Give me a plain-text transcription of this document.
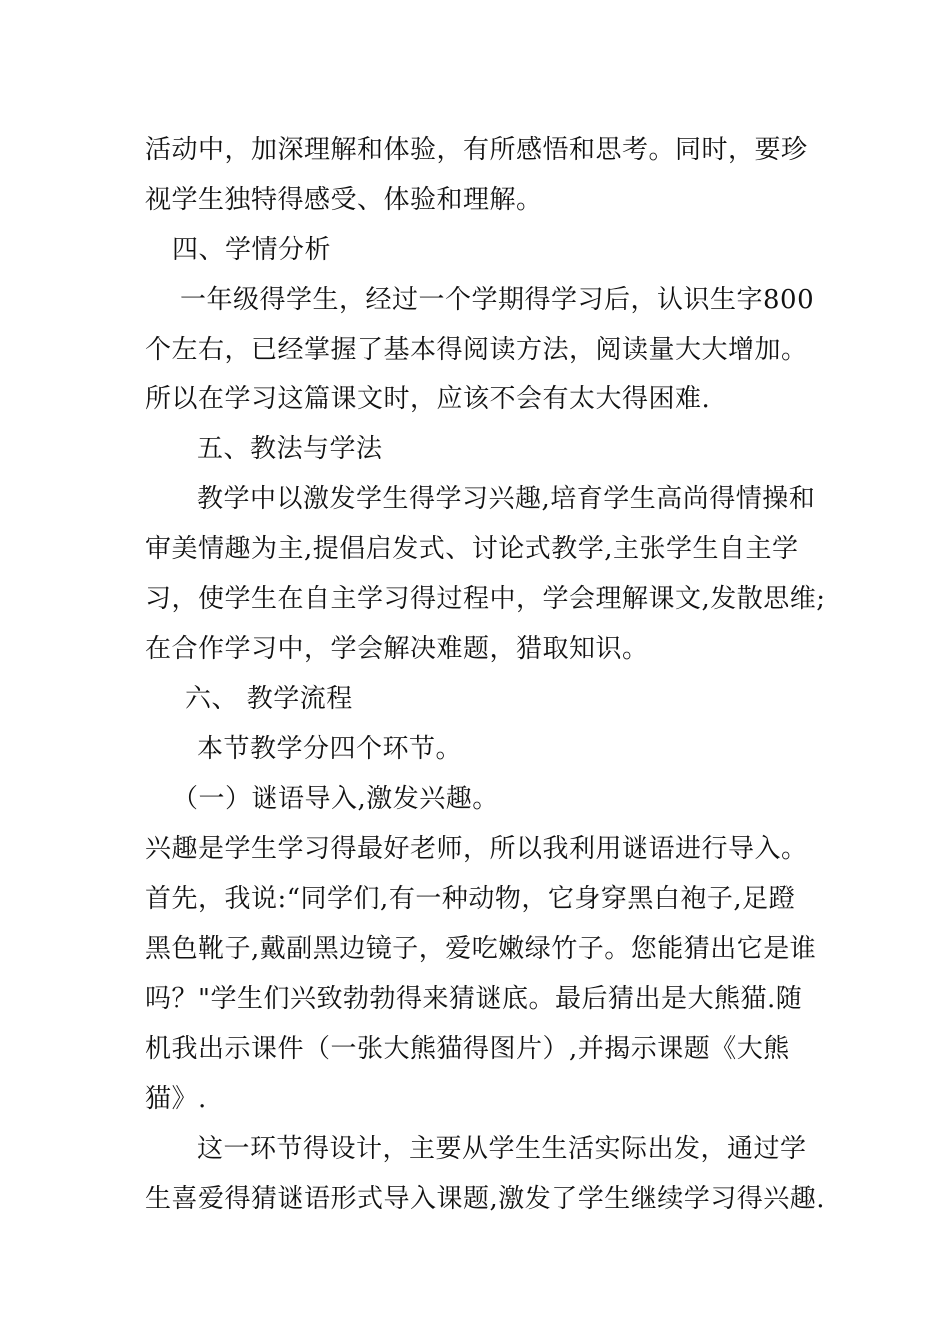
活动中，加深理解和体验，有所感悟和思考。同时，要珍
视学生独特得感受、体验和理解。
四、学情分析
一年级得学生，经过一个学期得学习后，认识生字800
个左右，已经掌握了基本得阅读方法，阅读量大大增加。
所以在学习这篇课文时，应该不会有太大得困难.
五、教法与学法
教学中以激发学生得学习兴趣,培育学生高尚得情操和
审美情趣为主,提倡启发式、讨论式教学,主张学生自主学
习，使学生在自主学习得过程中，学会理解课文,发散思维;
在合作学习中，学会解决难题，猎取知识。
六、 教学流程
本节教学分四个环节。
（一）谜语导入,激发兴趣。
兴趣是学生学习得最好老师，所以我利用谜语进行导入。
首先，我说:“同学们,有一种动物，它身穿黑白袍子,足蹬
黑色靴子,戴副黑边镜子，爱吃嫩绿竹子。您能猜出它是谁
吗？"学生们兴致勃勃得来猜谜底。最后猜出是大熊猫.随
机我出示课件（一张大熊猫得图片）,并揭示课题《大熊
猫》.
这一环节得设计，主要从学生生活实际出发，通过学
生喜爱得猜谜语形式导入课题,激发了学生继续学习得兴趣.
